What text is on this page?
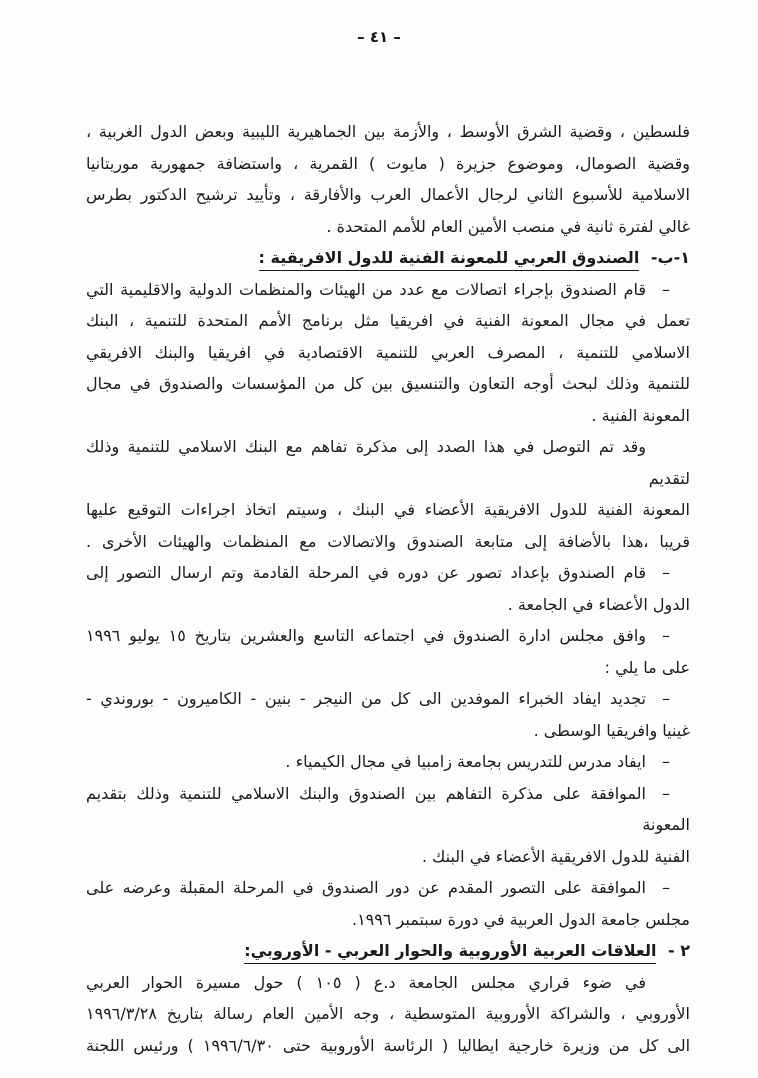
– ٤١ –
فلسطين ، وقضية الشرق الأوسط ، والأزمة بين الجماهيرية الليبية وبعض الدول الغربية ،
وقضية الصومال، وموضوع جزيرة ( مايوت ) القمرية ، واستضافة جمهورية موريتانيا
الاسلامية للأسبوع الثاني لرجال الأعمال العرب والأفارقة ، وتأييد ترشيح الدكتور بطرس
غالي لفترة ثانية في منصب الأمين العام للأمم المتحدة .
١-ب- الصندوق العربي للمعونة الفنية للدول الافريقية :
–
قام الصندوق بإجراء اتصالات مع عدد من الهيئات والمنظمات الدولية والاقليمية التي
تعمل في مجال المعونة الفنية في افريقيا مثل برنامج الأمم المتحدة للتنمية ، البنك
الاسلامي للتنمية ، المصرف العربي للتنمية الاقتصادية في افريقيا والبنك الافريقي
للتنمية وذلك لبحث أوجه التعاون والتنسيق بين كل من المؤسسات والصندوق في مجال
المعونة الفنية .
وقد تم التوصل في هذا الصدد إلى مذكرة تفاهم مع البنك الاسلامي للتنمية وذلك لتقديم
المعونة الفنية للدول الافريقية الأعضاء في البنك ، وسيتم اتخاذ اجراءات التوقيع عليها
قريبا ،هذا بالأضافة إلى متابعة الصندوق والاتصالات مع المنظمات والهيئات الأخرى .
–
قام الصندوق بإعداد تصور عن دوره في المرحلة القادمة وتم ارسال التصور إلى
الدول الأعضاء في الجامعة .
–
وافق مجلس ادارة الصندوق في اجتماعه التاسع والعشرين بتاريخ ١٥ يوليو ١٩٩٦
على ما يلي :
–
تجديد ايفاد الخبراء الموفدين الى كل من النيجر - بنين - الكاميرون - بوروندي -
غينيا وافريقيا الوسطى .
–
ايفاد مدرس للتدريس بجامعة زامبيا في مجال الكيمياء .
–
الموافقة على مذكرة التفاهم بين الصندوق والبنك الاسلامي للتنمية وذلك بتقديم المعونة
الفنية للدول الافريقية الأعضاء في البنك .
–
الموافقة على التصور المقدم عن دور الصندوق في المرحلة المقبلة وعرضه على
مجلس جامعة الدول العربية في دورة سبتمبر ١٩٩٦.
٢ - العلاقات العربية الأوروبية والحوار العربي - الأوروبي:
في ضوء قراري مجلس الجامعة د.ع ( ١٠٥ ) حول مسيرة الحوار العربي
الأوروبي ، والشراكة الأوروبية المتوسطية ، وجه الأمين العام رسالة بتاريخ ١٩٩٦/٣/٢٨
الى كل من وزيرة خارجية ايطاليا ( الرئاسة الأوروبية حتى ١٩٩٦/٦/٣٠ ) ورئيس اللجنة
